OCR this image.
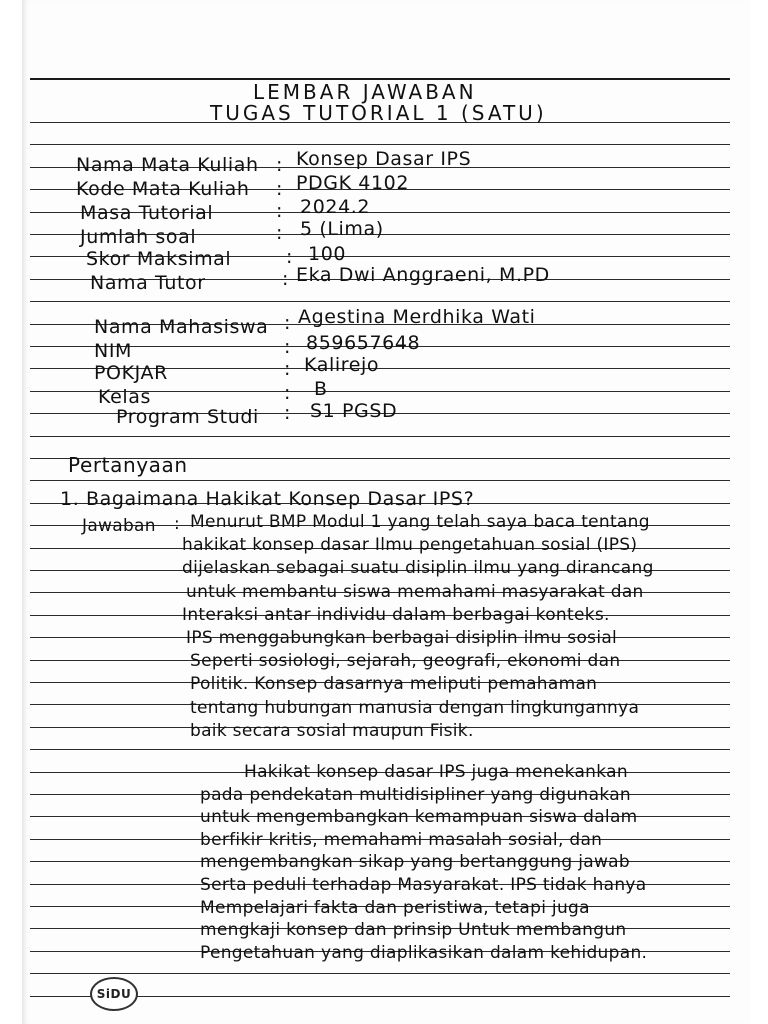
LEMBAR JAWABAN
TUGAS TUTORIAL 1 (SATU)
Nama Mata Kuliah : Konsep Dasar IPS
Kode Mata Kuliah : PDGK 4102
Masa Tutorial	: 2024.2
Jumlah soal	: 5 (Lima)
Skor Maksimal	: 100
Nama Tutor	: Eka Dwi Anggraeni, M.PD
Nama Mahasiswa : Agestina Merdhika Wati
NIM	: 859657648
POKJAR	: Kalirejo
Kelas	: B
Program Studi : S1 PGSD
Pertanyaan
1. Bagaimana Hakikat Konsep Dasar IPS?
Jawaban : Menurut BMP Modul 1 yang telah saya baca tentang
hakikat konsep dasar Ilmu pengetahuan sosial (IPS)
dijelaskan sebagai suatu disiplin ilmu yang dirancang
untuk membantu siswa memahami masyarakat dan
Interaksi antar individu dalam berbagai konteks.
IPS menggabungkan berbagai disiplin ilmu sosial
Seperti sosiologi, sejarah, geografi, ekonomi dan
Politik. Konsep dasarnya meliputi pemahaman
tentang hubungan manusia dengan lingkungannya
baik secara sosial maupun Fisik.
Hakikat konsep dasar IPS juga menekankan
pada pendekatan multidisipliner yang digunakan
untuk mengembangkan kemampuan siswa dalam
berfikir kritis, memahami masalah sosial, dan
mengembangkan sikap yang bertanggung jawab
Serta peduli terhadap Masyarakat. IPS tidak hanya
Mempelajari fakta dan peristiwa, tetapi juga
mengkaji konsep dan prinsip Untuk membangun
Pengetahuan yang diaplikasikan dalam kehidupan.
SiDU
